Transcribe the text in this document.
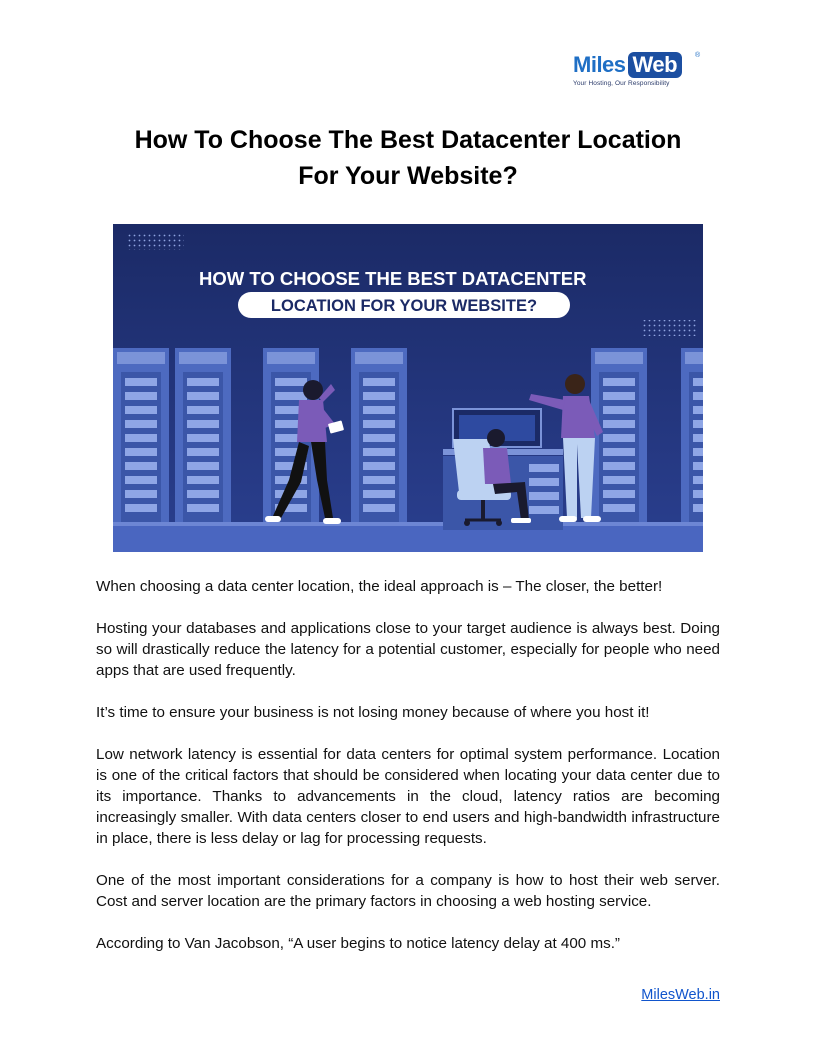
Miles Web	®
Your Hosting, Our Responsibility
How To Choose The Best Datacenter Location
For Your Website?
HOW TO CHOOSE THE BEST DATACENTER
LOCATION FOR YOUR WEBSITE?

When choosing a data center location, the ideal approach is – The closer, the better!

Hosting your databases and applications close to your target audience is always best. Doing so will drastically reduce the latency for a potential customer, especially for people who need apps that are used frequently.

It’s time to ensure your business is not losing money because of where you host it!

Low network latency is essential for data centers for optimal system performance. Location is one of the critical factors that should be considered when locating your data center due to its importance. Thanks to advancements in the cloud, latency ratios are becoming increasingly smaller. With data centers closer to end users and high-bandwidth infrastructure in place, there is less delay or lag for processing requests.

One of the most important considerations for a company is how to host their web server. Cost and server location are the primary factors in choosing a web hosting service.

According to Van Jacobson, “A user begins to notice latency delay at 400 ms.”

MilesWeb.in
